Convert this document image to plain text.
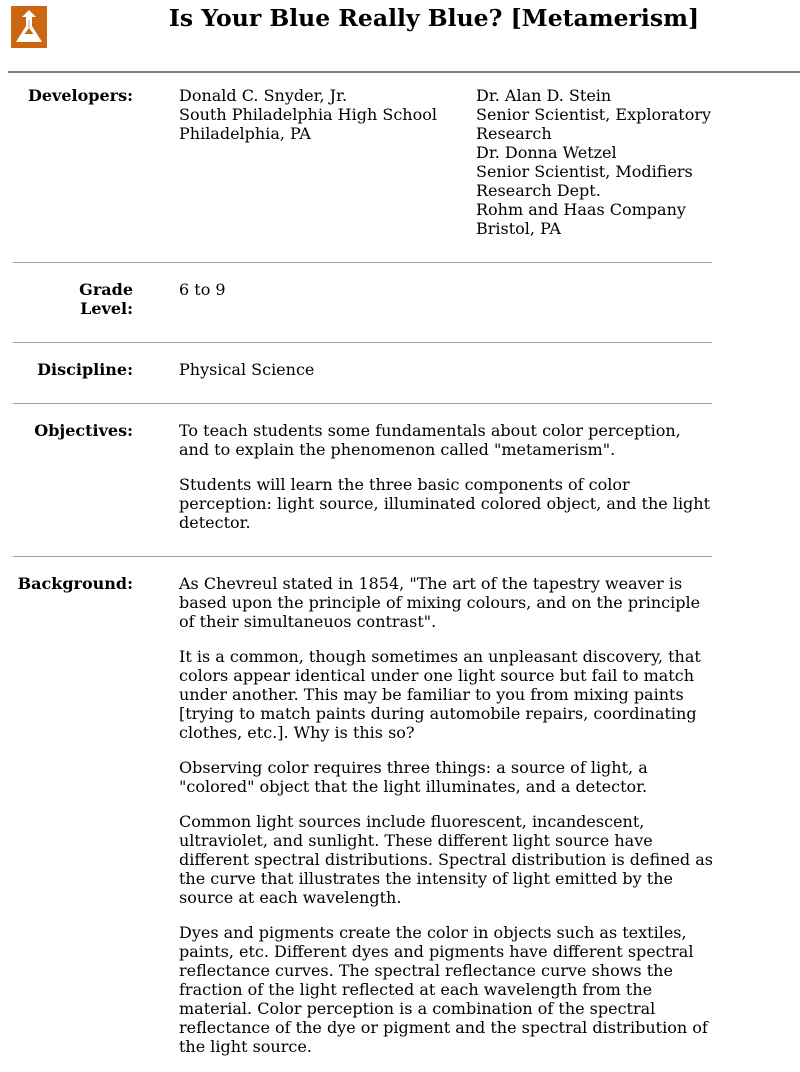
Is Your Blue Really Blue? [Metamerism]
Developers:	Donald C. Snyder, Jr.
South Philadelphia High School
Philadelphia, PA
Dr. Alan D. Stein
Senior Scientist, Exploratory Research
Dr. Donna Wetzel
Senior Scientist, Modifiers Research Dept.
Rohm and Haas Company
Bristol, PA
Grade Level:
6 to 9
Discipline:	Physical Science
Objectives:	To teach students some fundamentals about color perception, and to explain the phenomenon called "metamerism".

Students will learn the three basic components of color perception: light source, illuminated colored object, and the light detector.

Background:	As Chevreul stated in 1854, "The art of the tapestry weaver is based upon the principle of mixing colours, and on the principle of their simultaneuos contrast".

It is a common, though sometimes an unpleasant discovery, that colors appear identical under one light source but fail to match under another. This may be familiar to you from mixing paints [trying to match paints during automobile repairs, coordinating clothes, etc.]. Why is this so?

Observing color requires three things: a source of light, a "colored" object that the light illuminates, and a detector.

Common light sources include fluorescent, incandescent, ultraviolet, and sunlight. These different light source have different spectral distributions. Spectral distribution is defined as the curve that illustrates the intensity of light emitted by the source at each wavelength.

Dyes and pigments create the color in objects such as textiles, paints, etc. Different dyes and pigments have different spectral reflectance curves. The spectral reflectance curve shows the fraction of the light reflected at each wavelength from the material. Color perception is a combination of the spectral reflectance of the dye or pigment and the spectral distribution of the light source.
